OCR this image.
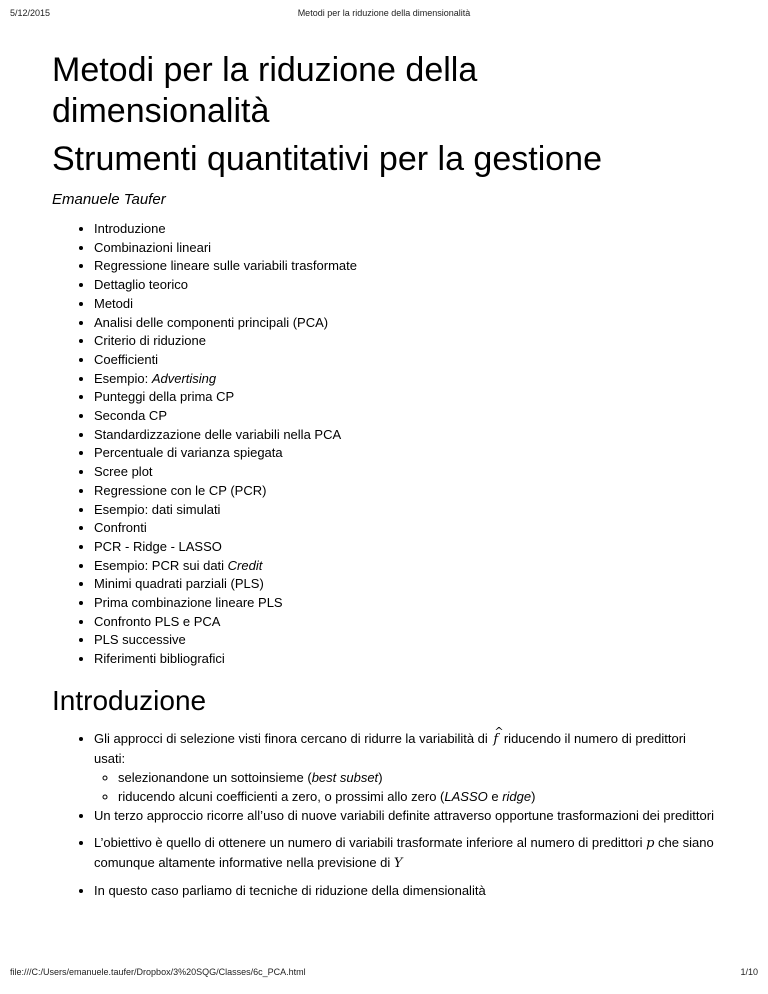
5/12/2015	Metodi per la riduzione della dimensionalità
Metodi per la riduzione della dimensionalità
Strumenti quantitativi per la gestione

Emanuele Taufer

• Introduzione
• Combinazioni lineari
• Regressione lineare sulle variabili trasformate
• Dettaglio teorico
• Metodi
• Analisi delle componenti principali (PCA)
• Criterio di riduzione
• Coefficienti
• Esempio: Advertising
• Punteggi della prima CP
• Seconda CP
• Standardizzazione delle variabili nella PCA
• Percentuale di varianza spiegata
• Scree plot
• Regressione con le CP (PCR)
• Esempio: dati simulati
• Confronti
• PCR - Ridge - LASSO
• Esempio: PCR sui dati Credit
• Minimi quadrati parziali (PLS)
• Prima combinazione lineare PLS
• Confronto PLS e PCA
• PLS successive
• Riferimenti bibliografici
Introduzione
• Gli approcci di selezione visti finora cercano di ridurre la variabilità di ^ f riducendo il numero di predittori usati:
◦ selezionandone un sottoinsieme (best subset)
◦ riducendo alcuni coefficienti a zero, o prossimi allo zero (LASSO e ridge)
• Un terzo approccio ricorre all’uso di nuove variabili definite attraverso opportune trasformazioni dei predittori
• L’obiettivo è quello di ottenere un numero di variabili trasformate inferiore al numero di predittori p che siano comunque altamente informative nella previsione di Y
• In questo caso parliamo di tecniche di riduzione della dimensionalità
file:///C:/Users/emanuele.taufer/Dropbox/3%20SQG/Classes/6c_PCA.html	1/10
